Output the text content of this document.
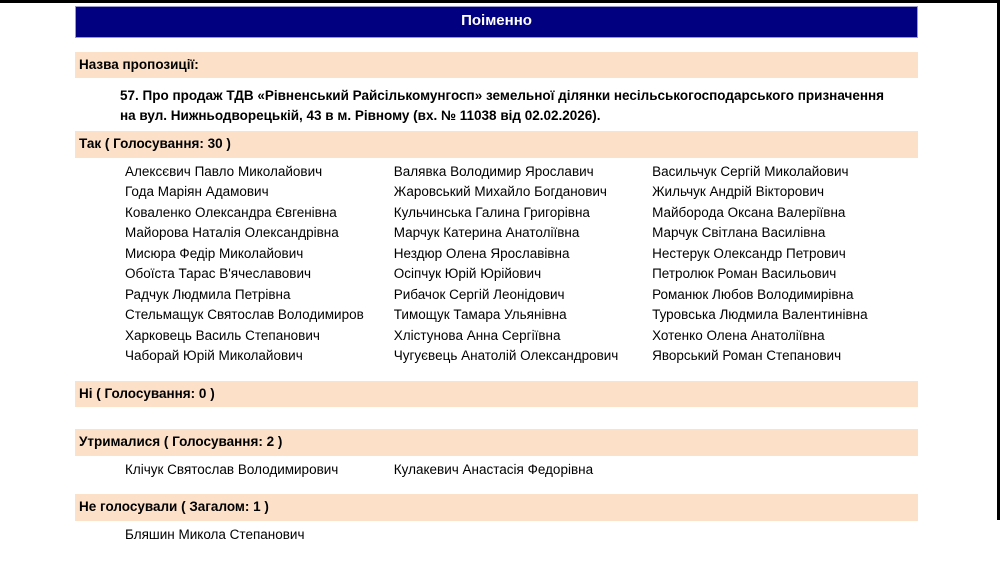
Поіменно
Назва пропозиції:
57. Про продаж ТДВ «Рівненський Райсількомунгосп» земельної ділянки несільськогосподарського призначення на вул. Нижньодворецькій, 43 в м. Рівному (вх. № 11038 від 02.02.2026).
Так ( Голосування: 30 )
Алексєвич Павло Миколайович	Валявка Володимир Ярославич	Васильчук Сергій Миколайович
Года Маріян Адамович	Жаровський Михайло Богданович	Жильчук Андрій Вікторович
Коваленко Олександра Євгенівна	Кульчинська Галина Григорівна	Майборода Оксана Валеріївна
Майорова Наталія Олександрівна	Марчук Катерина Анатоліївна	Марчук Світлана Василівна
Мисюра Федір Миколайович	Нездюр Олена Ярославівна	Нестерук Олександр Петрович
Обоїста Тарас В'ячеславович	Осіпчук Юрій Юрійович	Петролюк Роман Васильович
Радчук Людмила Петрівна	Рибачок Сергій Леонідович	Романюк Любов Володимирівна
Стельмащук Святослав Володимиров	Тимощук Тамара Ульянівна	Туровська Людмила Валентинівна
Харковець Василь Степанович	Хлістунова Анна Сергіївна	Хотенко Олена Анатоліївна
Чаборай Юрій Миколайович	Чугуєвець Анатолій Олександрович	Яворський Роман Степанович
Ні ( Голосування: 0 )
Утрималися ( Голосування: 2 )
Клічук Святослав Володимирович	Кулакевич Анастасія Федорівна
Не голосували ( Загалом: 1 )
Бляшин Микола Степанович
